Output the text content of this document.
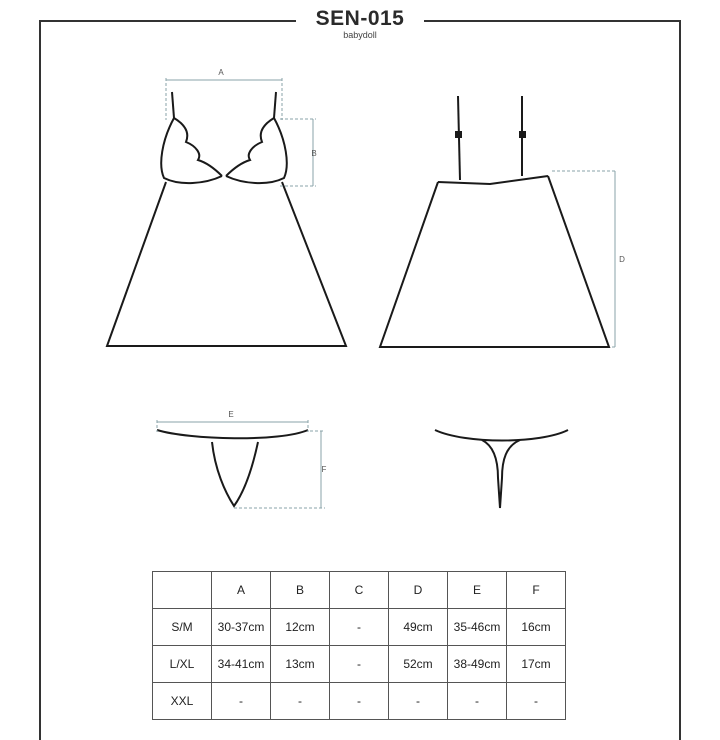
SEN-015
babydoll
A
B
D
E
F
	A	B	C	D	E	F
S/M	30-37cm	12cm	-	49cm	35-46cm	16cm
L/XL	34-41cm	13cm	-	52cm	38-49cm	17cm
XXL	-	-	-	-	-	-
